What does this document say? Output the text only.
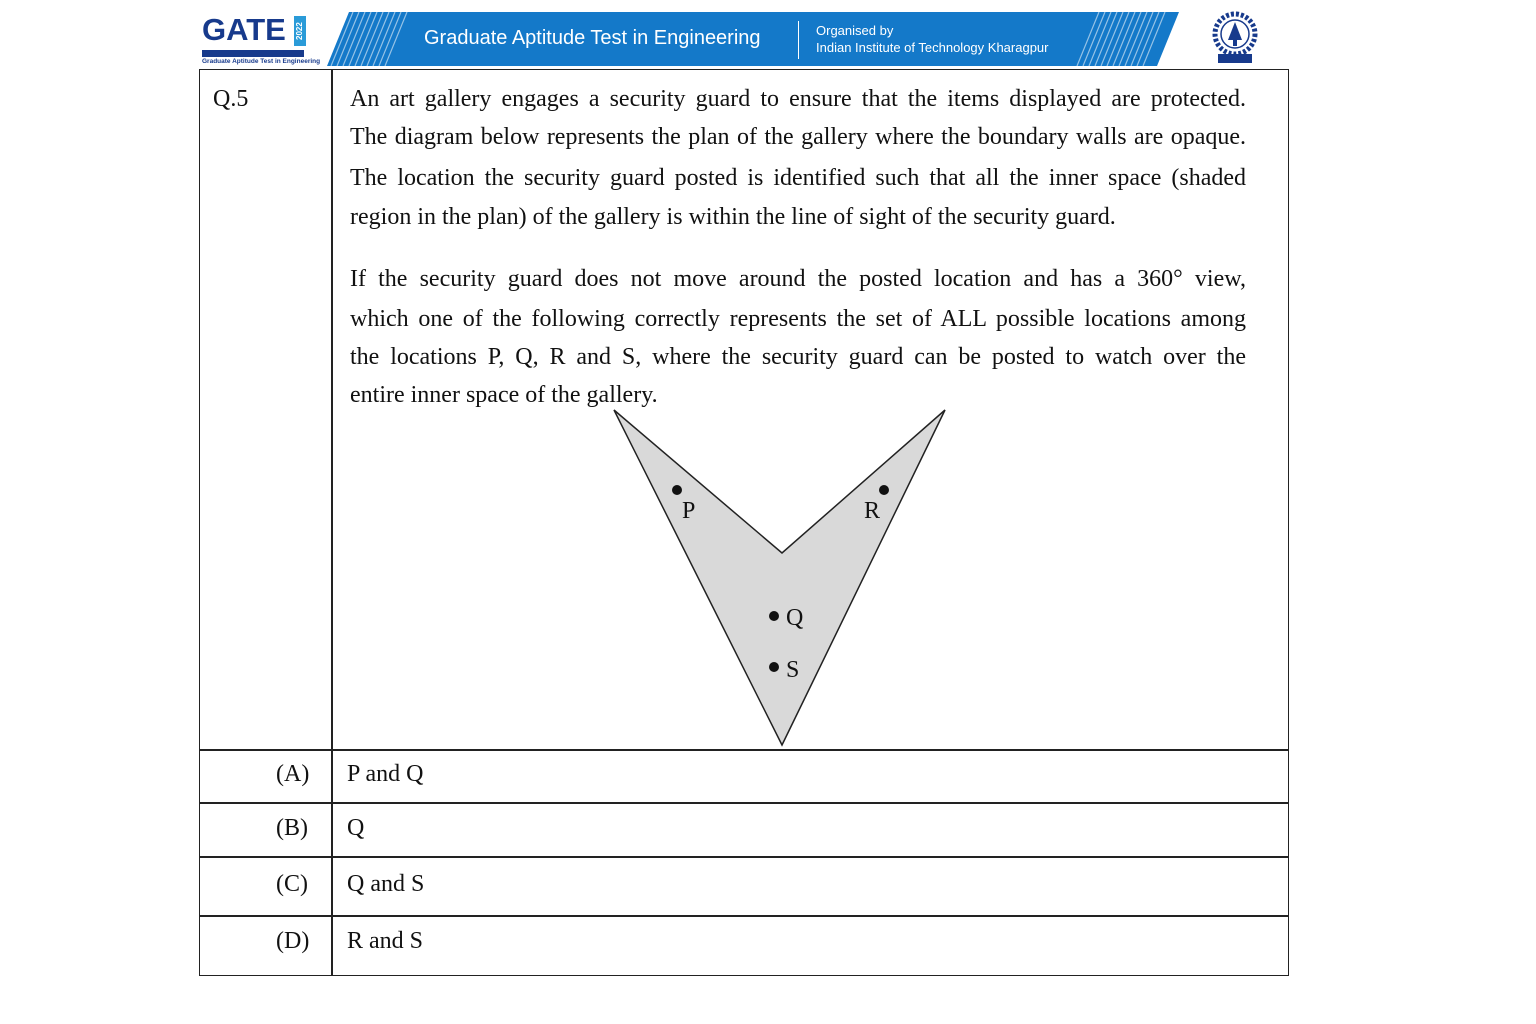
GATE 2022
Graduate Aptitude Test in Engineering
Graduate Aptitude Test in Engineering	Organised by
Indian Institute of Technology Kharagpur
Q.5	An art gallery engages a security guard to ensure that the items displayed are protected.
The diagram below represents the plan of the gallery where the boundary walls are opaque.
The location the security guard posted is identified such that all the inner space (shaded
region in the plan) of the gallery is within the line of sight of the security guard.
If the security guard does not move around the posted location and has a 360° view,
which one of the following correctly represents the set of ALL possible locations among
the locations P, Q, R and S, where the security guard can be posted to watch over the
entire inner space of the gallery.
P
Q
R
S
(A) P and Q
(B) Q
(C) Q and S
(D) R and S
